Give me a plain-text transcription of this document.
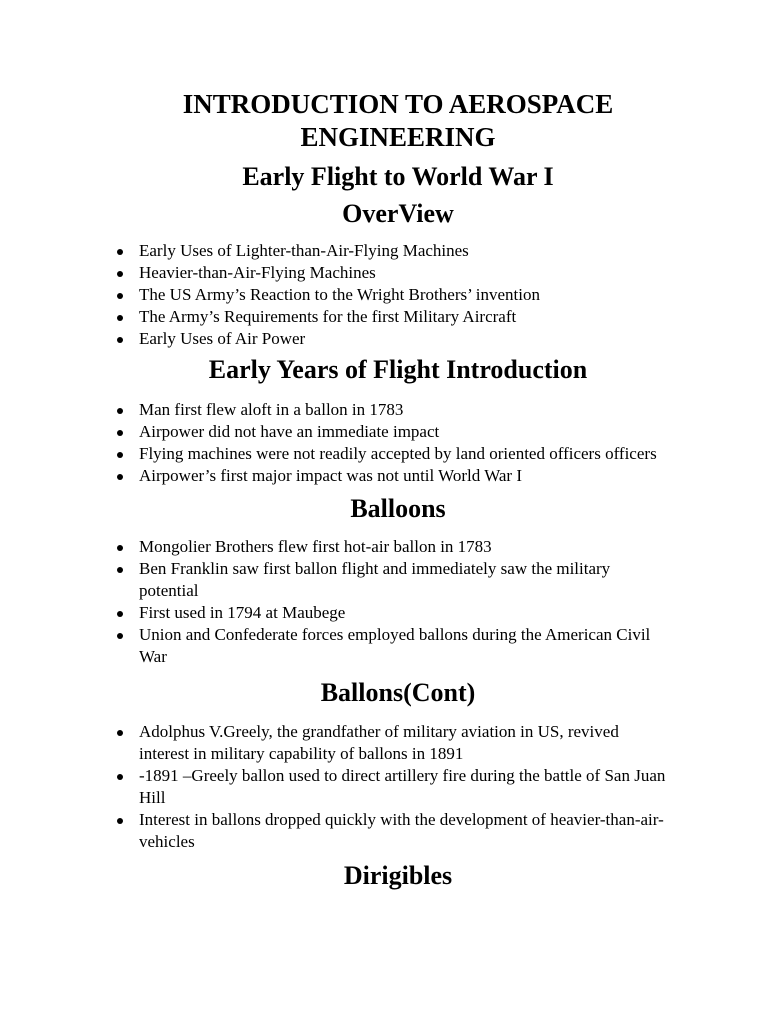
INTRODUCTION TO AEROSPACE ENGINEERING
Early Flight to World War I
OverView
Early Uses of Lighter-than-Air-Flying Machines
Heavier-than-Air-Flying Machines
The US Army’s Reaction to the Wright Brothers’ invention
The Army’s Requirements for the first Military Aircraft
Early Uses of Air Power
Early Years of Flight Introduction
Man first flew aloft in a ballon in 1783
Airpower did not have an immediate impact
Flying machines were not readily accepted by land oriented officers officers
Airpower’s first major impact was not until World War I
Balloons
Mongolier Brothers flew first hot-air ballon in 1783
Ben Franklin saw first ballon flight and immediately saw the military potential
First used in 1794 at Maubege
Union and Confederate forces employed ballons during the American Civil War
Ballons(Cont)
Adolphus V.Greely, the grandfather of military aviation in US, revived interest in military capability of ballons in 1891
-1891 –Greely ballon used to direct artillery fire during the battle of San Juan Hill
Interest in ballons dropped quickly with the development of heavier-than-air-vehicles
Dirigibles
